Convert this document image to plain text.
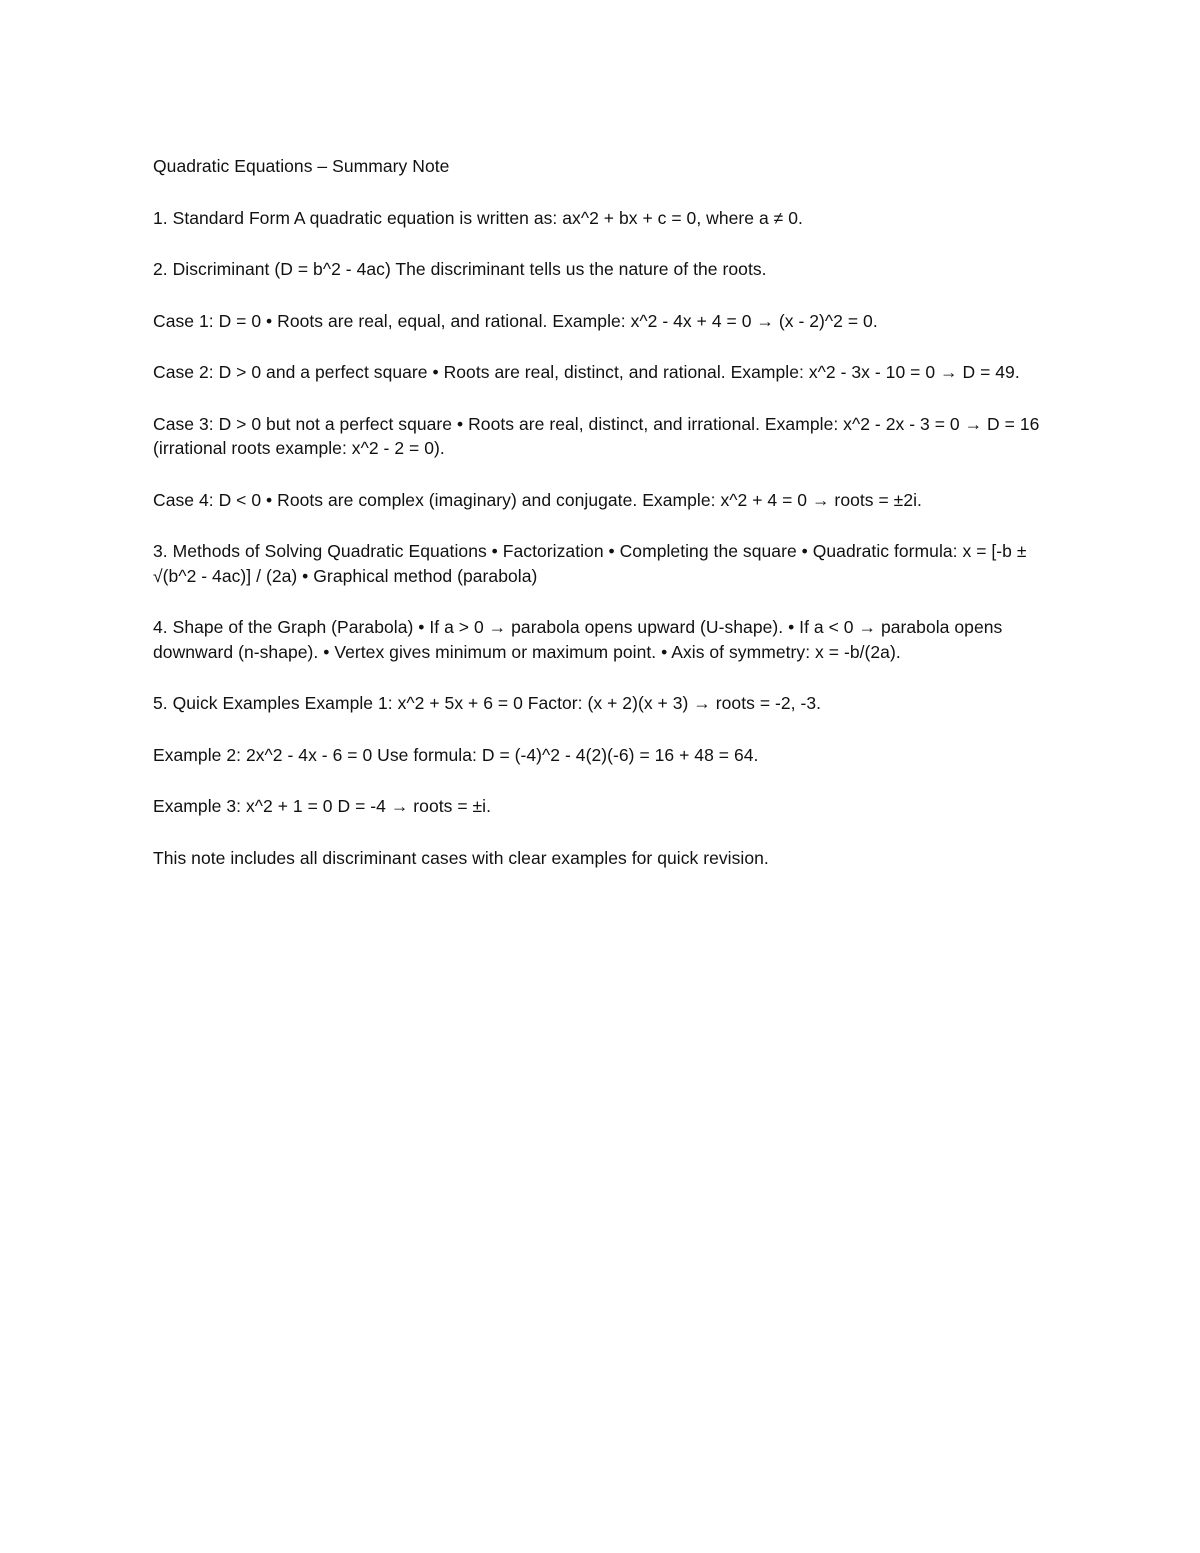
Quadratic Equations – Summary Note

1. Standard Form A quadratic equation is written as: ax^2 + bx + c = 0, where a ≠ 0.

2. Discriminant (D = b^2 - 4ac) The discriminant tells us the nature of the roots.

Case 1: D = 0 • Roots are real, equal, and rational. Example: x^2 - 4x + 4 = 0 → (x - 2)^2 = 0.

Case 2: D > 0 and a perfect square • Roots are real, distinct, and rational. Example: x^2 - 3x - 10 = 0 → D = 49.

Case 3: D > 0 but not a perfect square • Roots are real, distinct, and irrational. Example: x^2 - 2x - 3 = 0 → D = 16 (irrational roots example: x^2 - 2 = 0).

Case 4: D < 0 • Roots are complex (imaginary) and conjugate. Example: x^2 + 4 = 0 → roots = ±2i.

3. Methods of Solving Quadratic Equations • Factorization • Completing the square • Quadratic formula: x = [-b ± √(b^2 - 4ac)] / (2a) • Graphical method (parabola)

4. Shape of the Graph (Parabola) • If a > 0 → parabola opens upward (U-shape). • If a < 0 → parabola opens downward (n-shape). • Vertex gives minimum or maximum point. • Axis of symmetry: x = -b/(2a).

5. Quick Examples Example 1: x^2 + 5x + 6 = 0 Factor: (x + 2)(x + 3) → roots = -2, -3.

Example 2: 2x^2 - 4x - 6 = 0 Use formula: D = (-4)^2 - 4(2)(-6) = 16 + 48 = 64.

Example 3: x^2 + 1 = 0 D = -4 → roots = ±i.

This note includes all discriminant cases with clear examples for quick revision.
